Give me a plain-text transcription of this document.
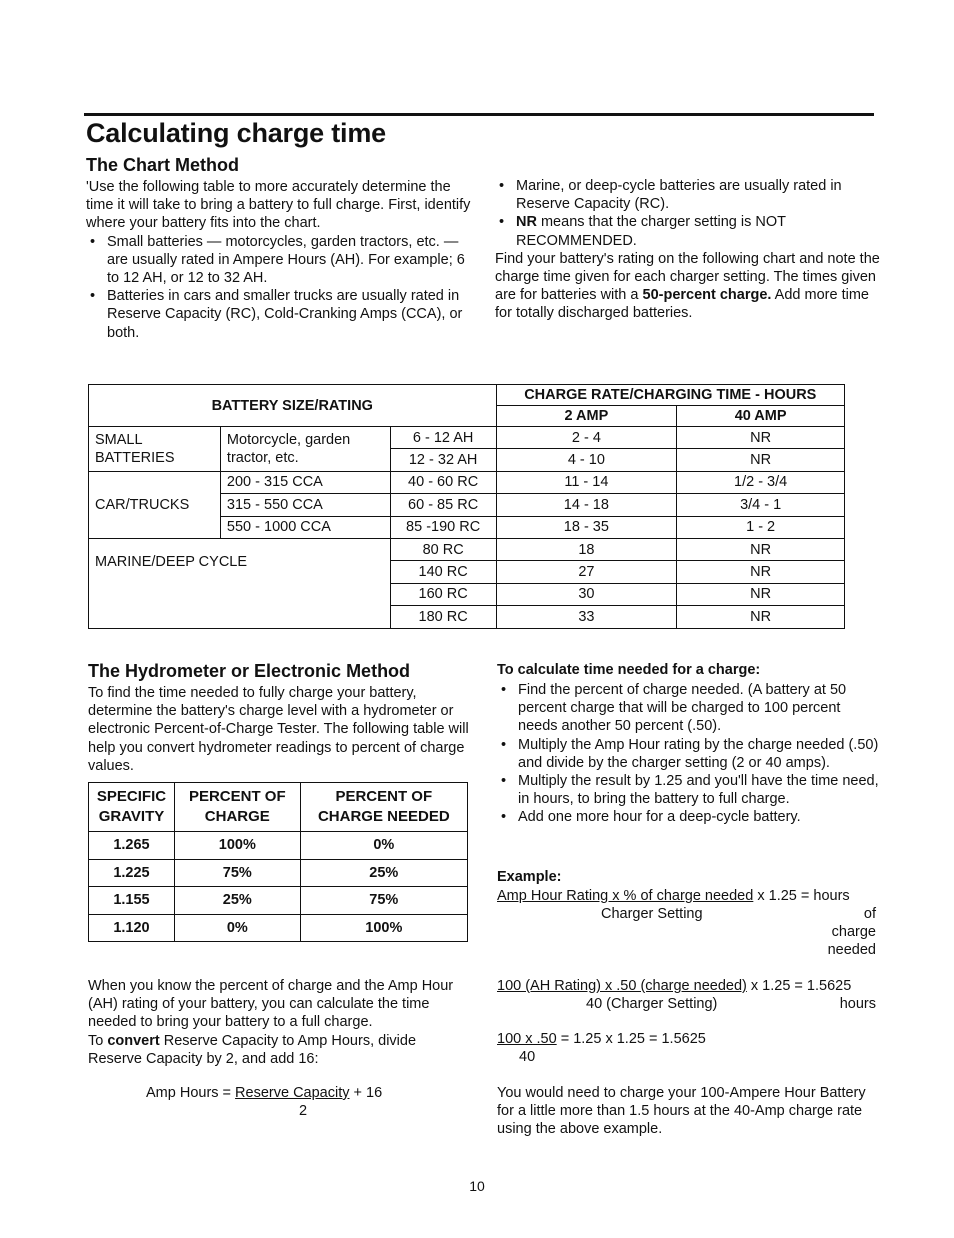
Calculating charge time
The Chart Method

'Use the following table to more accurately determine the time it will take to bring a battery to full charge. First, identify where your battery fits into the chart.

• Small batteries — motorcycles, garden tractors, etc. — are usually rated in Ampere Hours (AH). For example; 6 to 12 AH, or 12 to 32 AH.
• Batteries in cars and smaller trucks are usually rated in Reserve Capacity (RC), Cold-Cranking Amps (CCA), or both.
• Marine, or deep-cycle batteries are usually rated in Reserve Capacity (RC).
• NR means that the charger setting is NOT RECOMMENDED.

Find your battery's rating on the following chart and note the charge time given for each charger setting. The times given are for batteries with a 50-percent charge. Add more time for totally discharged batteries.

BATTERY SIZE/RATING			CHARGE RATE/CHARGING TIME - HOURS	
			2 AMP	40 AMP
SMALL BATTERIES	Motorcycle, garden tractor, etc.	6 - 12 AH	2 - 4	NR
		12 - 32 AH	4 - 10	NR
CAR/TRUCKS	200 - 315 CCA	40 - 60 RC	11 - 14	1/2 - 3/4
	315 - 550 CCA	60 - 85 RC	14 - 18	3/4 - 1
	550 - 1000 CCA	85 -190 RC	18 - 35	1 - 2
MARINE/DEEP CYCLE		80 RC	18	NR
		140 RC	27	NR
		160 RC	30	NR
		180 RC	33	NR
The Hydrometer or Electronic Method

To find the time needed to fully charge your battery, determine the battery's charge level with a hydrometer or electronic Percent-of-Charge Tester. The following table will help you convert hydrometer readings to percent of charge values.

SPECIFIC GRAVITY	PERCENT OF CHARGE	PERCENT OF CHARGE NEEDED
1.265	100%	0%
1.225	75%	25%
1.155	25%	75%
1.120	0%	100%

When you know the percent of charge and the Amp Hour (AH) rating of your battery, you can calculate the time needed to bring your battery to a full charge.

To convert Reserve Capacity to Amp Hours, divide Reserve Capacity by 2, and add 16:

Amp Hours = Reserve Capacity + 16
2
To calculate time needed for a charge:
• Find the percent of charge needed. (A battery at 50 percent charge that will be charged to 100 percent needs another 50 percent (.50).
• Multiply the Amp Hour rating by the charge needed (.50) and divide by the charger setting (2 or 40 amps).
• Multiply the result by 1.25 and you'll have the time need, in hours, to bring the battery to full charge.
• Add one more hour for a deep-cycle battery.
Example:
Amp Hour Rating x % of charge needed x 1.25 = hours
Charger Setting	of charge needed
100 (AH Rating) x .50 (charge needed) x 1.25 = 1.5625
40 (Charger Setting)	hours
100 x .50 = 1.25 x 1.25 = 1.5625
40

You would need to charge your 100-Ampere Hour Battery for a little more than 1.5 hours at the 40-Amp charge rate using the above example.

10
